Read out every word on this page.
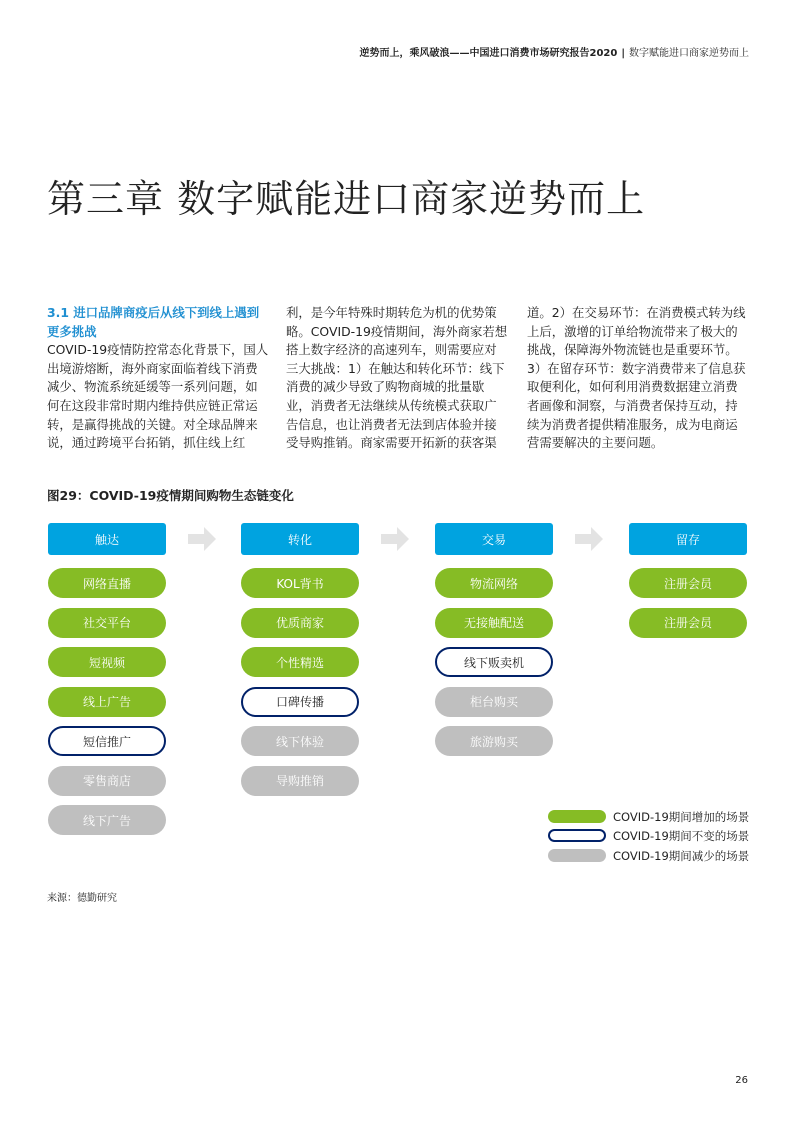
逆势而上，乘风破浪——中国进口消费市场研究报告2020 | 数字赋能进口商家逆势而上
第三章 数字赋能进口商家逆势而上
3.1 进口品牌商疫后从线下到线上遇到更多挑战
COVID-19疫情防控常态化背景下，国人出境游熔断，海外商家面临着线下消费减少、物流系统延缓等一系列问题，如何在这段非常时期内维持供应链正常运转，是赢得挑战的关键。对全球品牌来说，通过跨境平台拓销，抓住线上红
利，是今年特殊时期转危为机的优势策略。COVID-19疫情期间，海外商家若想搭上数字经济的高速列车，则需要应对三大挑战：1）在触达和转化环节：线下消费的减少导致了购物商城的批量歇业，消费者无法继续从传统模式获取广告信息，也让消费者无法到店体验并接受导购推销。商家需要开拓新的获客渠
道。2）在交易环节：在消费模式转为线上后，激增的订单给物流带来了极大的挑战，保障海外物流链也是重要环节。3）在留存环节：数字消费带来了信息获取便利化，如何利用消费数据建立消费者画像和洞察，与消费者保持互动，持续为消费者提供精准服务，成为电商运营需要解决的主要问题。
图29：COVID-19疫情期间购物生态链变化
触达
网络直播
社交平台
短视频
线上广告
短信推广
零售商店
线下广告
转化
KOL背书
优质商家
个性精选
口碑传播
线下体验
导购推销
交易
物流网络
无接触配送
线下贩卖机
柜台购买
旅游购买
留存
注册会员
注册会员
COVID-19期间增加的场景
COVID-19期间不变的场景
COVID-19期间减少的场景
来源：德勤研究
26
